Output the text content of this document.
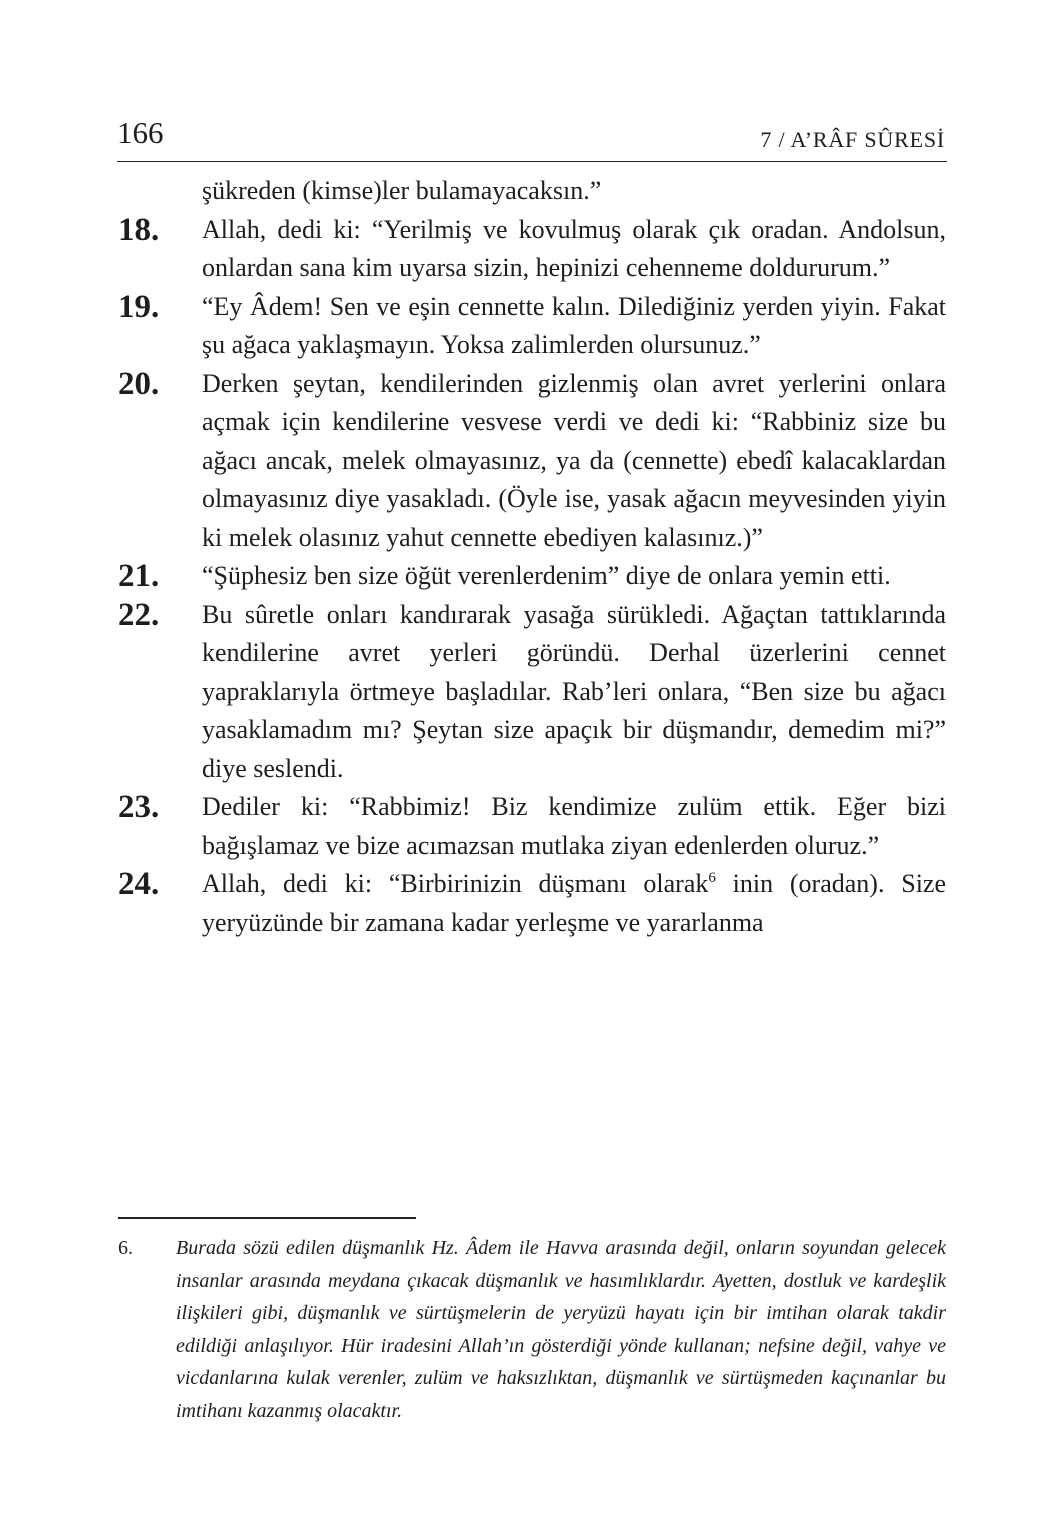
166	7 / A’RÂF SÛRESİ
şükreden (kimse)ler bulamayacaksın.”
18.	Allah, dedi ki: “Yerilmiş ve kovulmuş olarak çık oradan. Andolsun, onlardan sana kim uyarsa sizin, hepinizi cehenneme doldururum.”
19.	“Ey Âdem! Sen ve eşin cennette kalın. Dilediğiniz yerden yiyin. Fakat şu ağaca yaklaşmayın. Yoksa zalimlerden olursunuz.”
20.	Derken şeytan, kendilerinden gizlenmiş olan avret yerlerini onlara açmak için kendilerine vesvese verdi ve dedi ki: “Rabbiniz size bu ağacı ancak, melek olmayasınız, ya da (cennette) ebedî kalacaklardan olmayasınız diye yasakladı. (Öyle ise, yasak ağacın meyvesinden yiyin ki melek olasınız yahut cennette ebediyen kalasınız.)”
21.	“Şüphesiz ben size öğüt verenlerdenim” diye de onlara yemin etti.
22.	Bu sûretle onları kandırarak yasağa sürükledi. Ağaçtan tattıklarında kendilerine avret yerleri göründü. Derhal üzerlerini cennet yapraklarıyla örtmeye başladılar. Rab’leri onlara, “Ben size bu ağacı yasaklamadım mı? Şeytan size apaçık bir düşmandır, demedim mi?” diye seslendi.
23.	Dediler ki: “Rabbimiz! Biz kendimize zulüm ettik. Eğer bizi bağışlamaz ve bize acımazsan mutlaka ziyan edenlerden oluruz.”
24.	Allah, dedi ki: “Birbirinizin düşmanı olarak$^6$ inin (oradan). Size yeryüzünde bir zamana kadar yerleşme ve yararlanma
6.	Burada sözü edilen düşmanlık Hz. Âdem ile Havva arasında değil, onların soyundan gelecek insanlar arasında meydana çıkacak düşmanlık ve hasımlıklardır. Ayetten, dostluk ve kardeşlik ilişkileri gibi, düşmanlık ve sürtüşmelerin de yeryüzü hayatı için bir imtihan olarak takdir edildiği anlaşılıyor. Hür iradesini Allah’ın gösterdiği yönde kullanan; nefsine değil, vahye ve vicdanlarına kulak verenler, zulüm ve haksızlıktan, düşmanlık ve sürtüşmeden kaçınanlar bu imtihanı kazanmış olacaktır.
